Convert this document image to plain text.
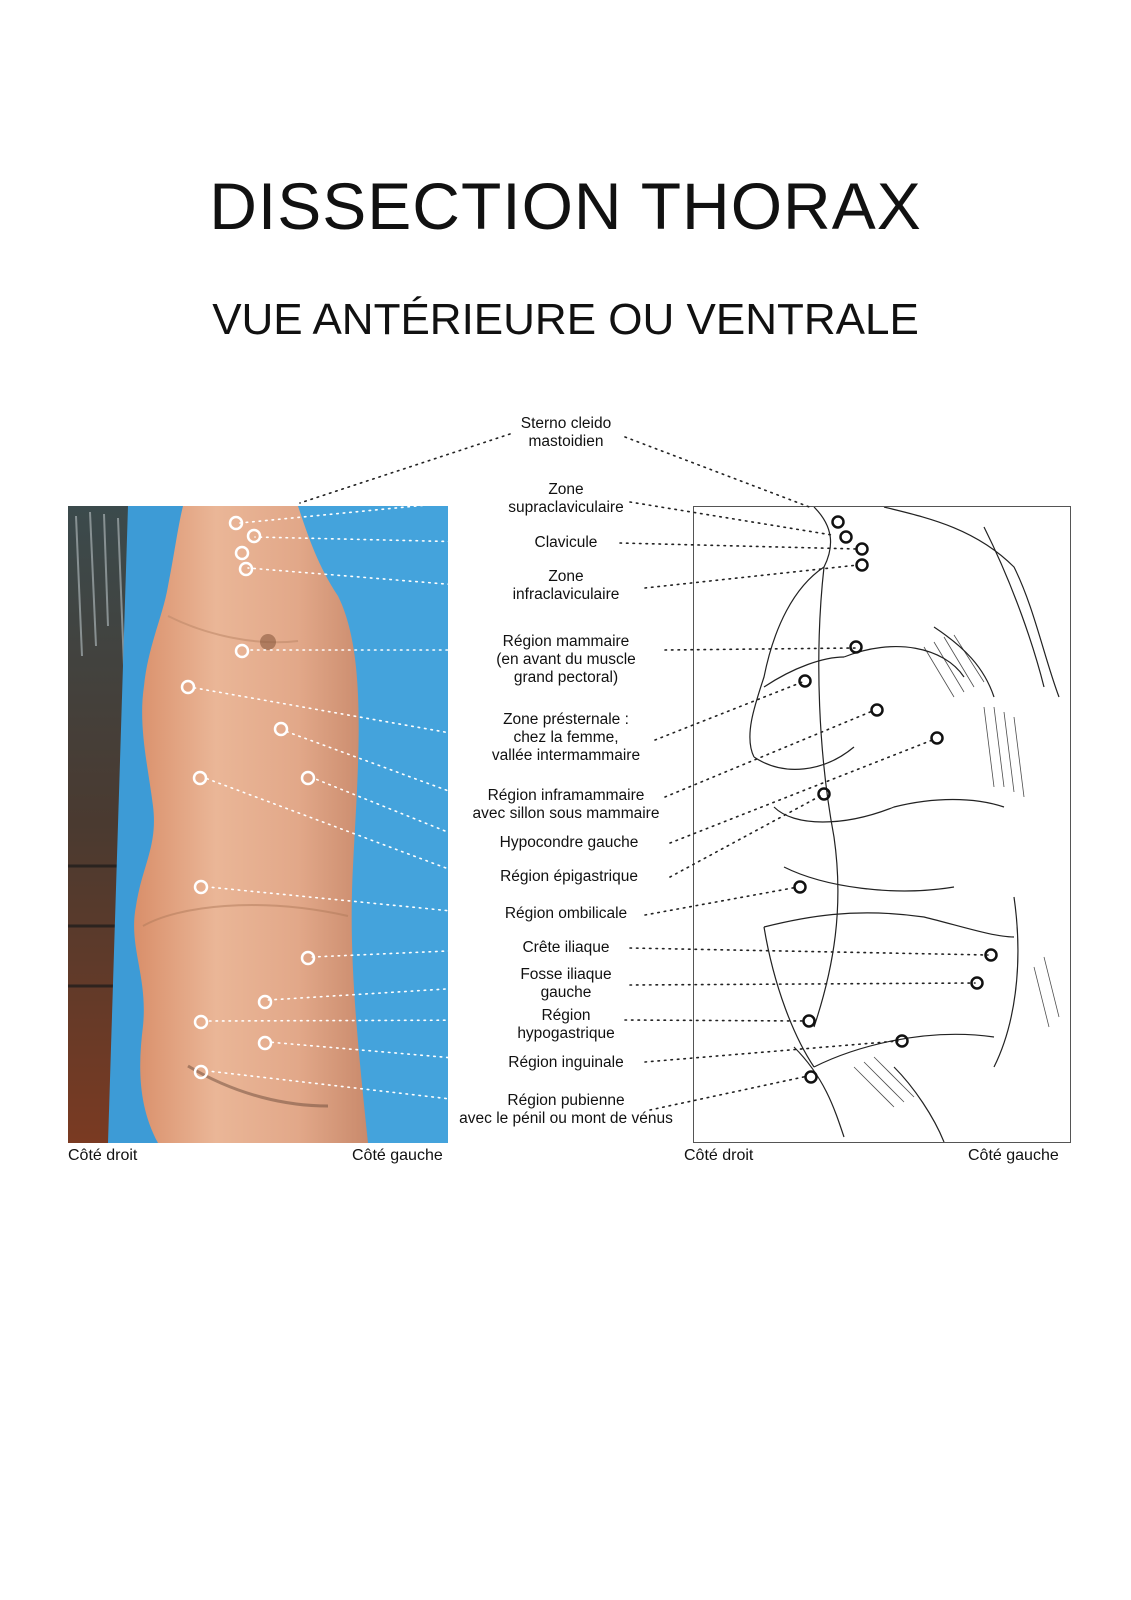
DISSECTION THORAX
VUE ANTÉRIEURE OU VENTRALE
Sterno cleido
mastoidien
Zone
supraclaviculaire
Clavicule
Zone
infraclaviculaire
Région mammaire
(en avant du muscle
grand pectoral)
Zone présternale :
chez la femme,
vallée intermammaire
Région inframammaire
avec sillon sous mammaire
Hypocondre gauche
Région épigastrique
Région ombilicale
Crête iliaque
Fosse iliaque
gauche
Région
hypogastrique
Région inguinale
Région pubienne
avec le pénil ou mont de vénus
Côté droit	Côté gauche	Côté droit	Côté gauche
